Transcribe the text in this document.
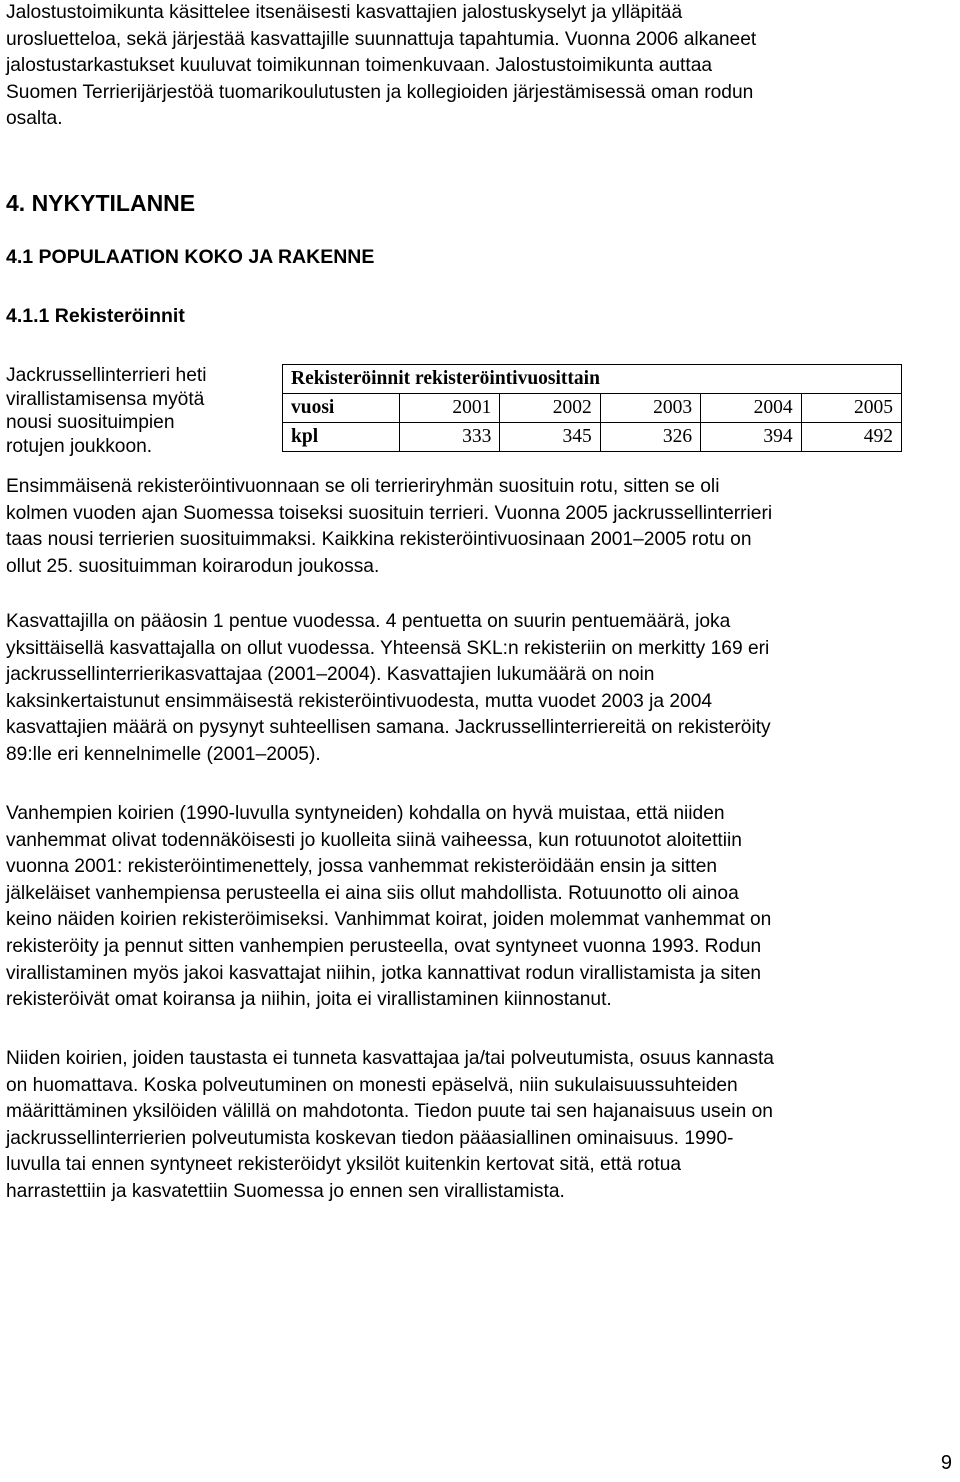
Jalostustoimikunta käsittelee itsenäisesti kasvattajien jalostuskyselyt ja ylläpitää
urosluetteloa, sekä järjestää kasvattajille suunnattuja tapahtumia. Vuonna 2006 alkaneet
jalostustarkastukset kuuluvat toimikunnan toimenkuvaan. Jalostustoimikunta auttaa
Suomen Terrierijärjestöä tuomarikoulutusten ja kollegioiden järjestämisessä oman rodun
osalta.

4. NYKYTILANNE
4.1 POPULAATION KOKO JA RAKENNE
4.1.1 Rekisteröinnit

Jackrussellinterrieri heti
virallistamisensa myötä
nousi suosituimpien
rotujen joukkoon.

Rekisteröinnit rekisteröintivuosittain					
vuosi	2001	2002	2003	2004	2005
kpl	333	345	326	394	492

Ensimmäisenä rekisteröintivuonnaan se oli terrieriryhmän suosituin rotu, sitten se oli
kolmen vuoden ajan Suomessa toiseksi suosituin terrieri. Vuonna 2005 jackrussellinterrieri
taas nousi terrierien suosituimmaksi. Kaikkina rekisteröintivuosinaan 2001–2005 rotu on
ollut 25. suosituimman koirarodun joukossa.

Kasvattajilla on pääosin 1 pentue vuodessa. 4 pentuetta on suurin pentuemäärä, joka
yksittäisellä kasvattajalla on ollut vuodessa. Yhteensä SKL:n rekisteriin on merkitty 169 eri
jackrussellinterrierikasvattajaa (2001–2004). Kasvattajien lukumäärä on noin
kaksinkertaistunut ensimmäisestä rekisteröintivuodesta, mutta vuodet 2003 ja 2004
kasvattajien määrä on pysynyt suhteellisen samana. Jackrussellinterriereitä on rekisteröity
89:lle eri kennelnimelle (2001–2005).

Vanhempien koirien (1990-luvulla syntyneiden) kohdalla on hyvä muistaa, että niiden
vanhemmat olivat todennäköisesti jo kuolleita siinä vaiheessa, kun rotuunotot aloitettiin
vuonna 2001: rekisteröintimenettely, jossa vanhemmat rekisteröidään ensin ja sitten
jälkeläiset vanhempiensa perusteella ei aina siis ollut mahdollista. Rotuunotto oli ainoa
keino näiden koirien rekisteröimiseksi. Vanhimmat koirat, joiden molemmat vanhemmat on
rekisteröity ja pennut sitten vanhempien perusteella, ovat syntyneet vuonna 1993. Rodun
virallistaminen myös jakoi kasvattajat niihin, jotka kannattivat rodun virallistamista ja siten
rekisteröivät omat koiransa ja niihin, joita ei virallistaminen kiinnostanut.

Niiden koirien, joiden taustasta ei tunneta kasvattajaa ja/tai polveutumista, osuus kannasta
on huomattava. Koska polveutuminen on monesti epäselvä, niin sukulaisuussuhteiden
määrittäminen yksilöiden välillä on mahdotonta. Tiedon puute tai sen hajanaisuus usein on
jackrussellinterrierien polveutumista koskevan tiedon pääasiallinen ominaisuus. 1990-
luvulla tai ennen syntyneet rekisteröidyt yksilöt kuitenkin kertovat sitä, että rotua
harrastettiin ja kasvatettiin Suomessa jo ennen sen virallistamista.

9
